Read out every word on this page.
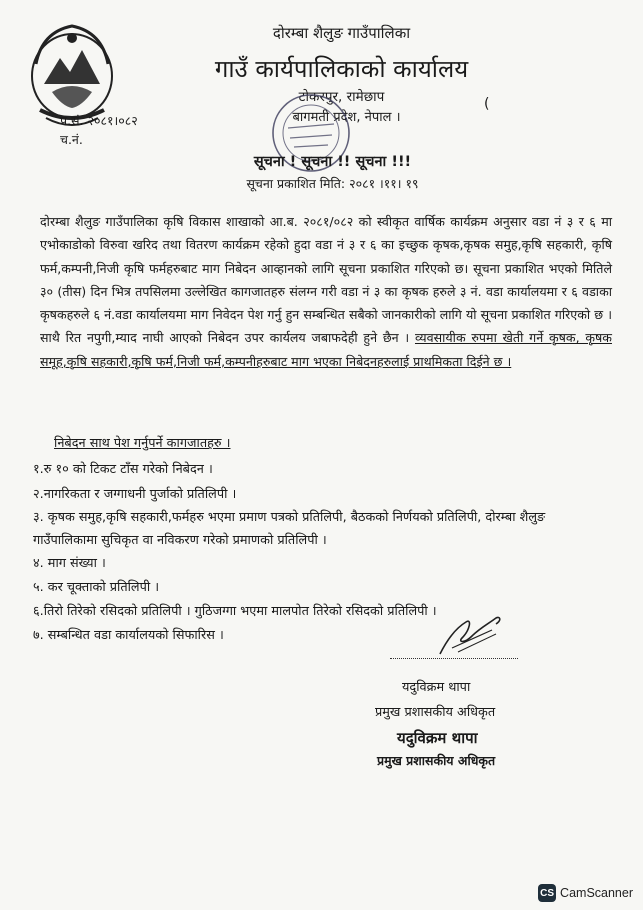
दोरम्बा शैलुङ गाउँपालिका
गाउँ कार्यपालिकाको कार्यालय
टोकरपुर, रामेछाप
बागमती प्रदेश, नेपाल ।
(
प.सं. २०८१।०८२
च.नं.
सूचना ! सूचना !! सूचना !!!
सूचना प्रकाशित मिति: २०८१ ।११। १९
दोरम्बा शैलुङ गाउँपालिका कृषि विकास शाखाको आ.ब. २०८१/०८२ को स्वीकृत वार्षिक कार्यक्रम अनुसार वडा नं ३ र ६ मा एभोकाडोको विरुवा खरिद तथा वितरण कार्यक्रम रहेको हुदा वडा नं ३ र ६ का इच्छुक कृषक,कृषक समुह,कृषि सहकारी, कृषि फर्म,कम्पनी,निजी कृषि फर्महरुबाट माग निबेदन आव्हानको लागि सूचना प्रकाशित गरिएको छ। सूचना प्रकाशित भएको मितिले ३० (तीस) दिन भित्र तपसिलमा उल्लेखित कागजातहरु संलग्न गरी वडा नं ३ का कृषक हरुले ३ नं. वडा कार्यालयमा र ६ वडाका कृषकहरुले ६ नं.वडा कार्यालयमा माग निवेदन पेश गर्नु हुन सम्बन्धित सबैको जानकारीको लागि यो सूचना प्रकाशित गरिएको छ । साथै रित नपुगी,म्याद नाघी आएको निबेदन उपर कार्यलय जबाफदेही हुने छैन । व्यवसायीक रुपमा खेती गर्ने कृषक, कृषक समूह,कृषि सहकारी,कृषि फर्म,निजी फर्म,कम्पनीहरुबाट माग भएका निबेदनहरुलाई प्राथमिकता दिईने छ ।
निबेदन साथ पेश गर्नुपर्ने कागजातहरु ।
१.रु १० को टिकट टाँस गरेको निबेदन ।
२.नागरिकता र जग्गाधनी पुर्जाको प्रतिलिपी ।
३. कृषक समुह,कृषि सहकारी,फर्महरु भएमा प्रमाण पत्रको प्रतिलिपी, बैठकको निर्णयको प्रतिलिपी, दोरम्बा शैलुङ गाउँपालिकामा सुचिकृत वा नविकरण गरेको प्रमाणको प्रतिलिपी ।
४. माग संख्या ।
५. कर चूक्ताको प्रतिलिपी ।
६.तिरो तिरेको रसिदको प्रतिलिपी । गुठिजग्गा भएमा मालपोत तिरेको रसिदको प्रतिलिपी ।
७. सम्बन्धित वडा कार्यालयको सिफारिस ।
यदुविक्रम थापा
प्रमुख प्रशासकीय अधिकृत
यदुविक्रम थापा
प्रमुख प्रशासकीय अधिकृत
CS CamScanner
